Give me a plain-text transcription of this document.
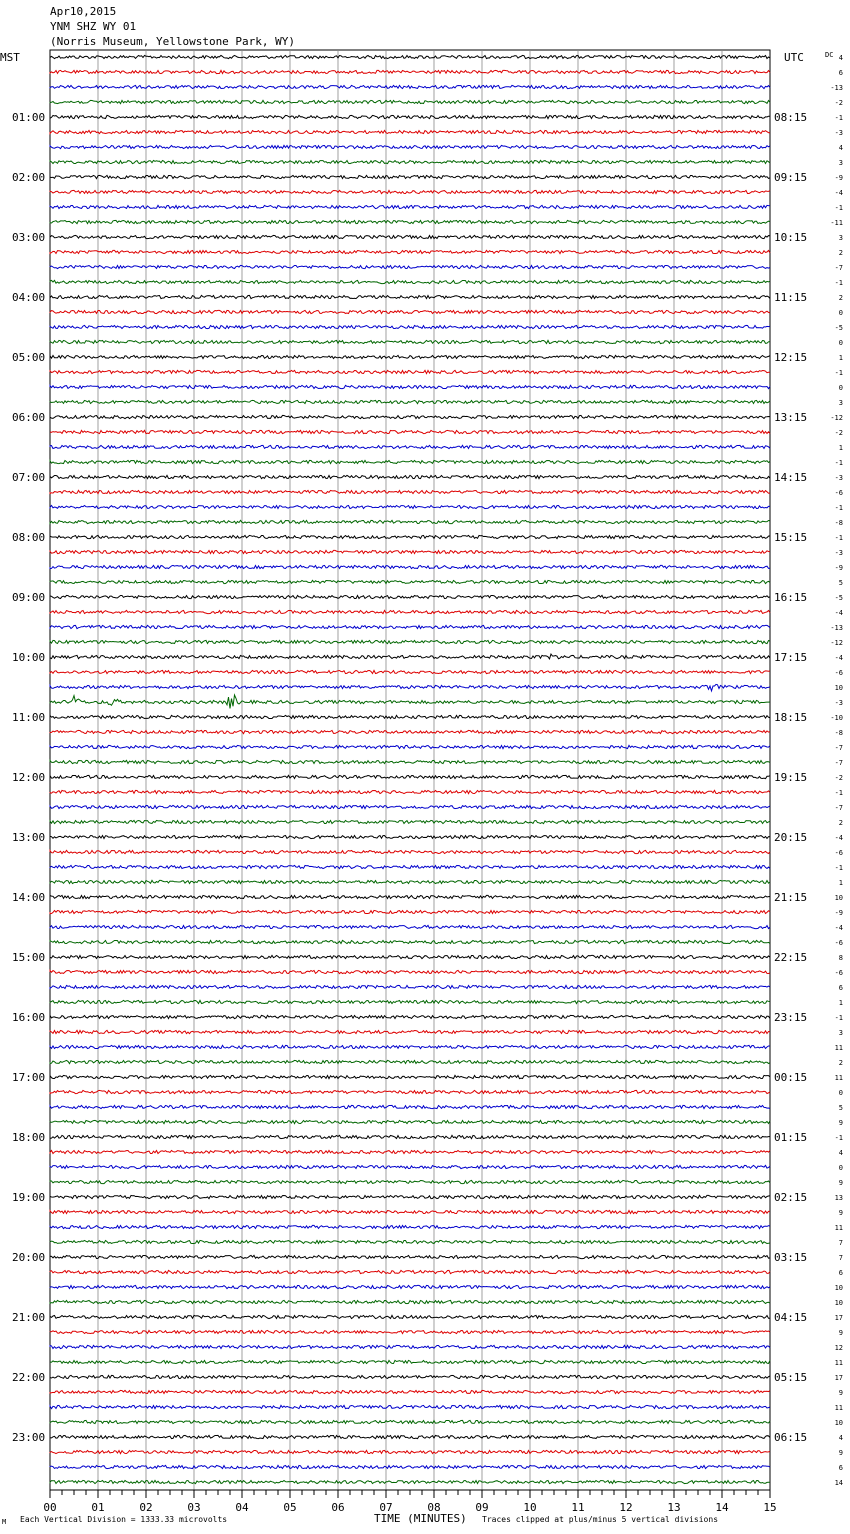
Apr10,2015
YNM SHZ WY 01
(Norris Museum, Yellowstone Park, WY)
01:00
02:00
03:00
04:00
05:00
06:00
07:00
08:00
09:00
10:00
11:00
12:00
13:00
14:00
15:00
16:00
17:00
18:00
19:00
20:00
21:00
22:00
23:00
08:15
09:15
10:15
11:15
12:15
13:15
14:15
15:15
16:15
17:15
18:15
19:15
20:15
21:15
22:15
23:15
00:15
01:15
02:15
03:15
04:15
05:15
06:15
4
6
-13
-2
-1
-3
4
3
-9
-4
-1
-11
3
2
-7
-1
2
0
-5
0
1
-1
0
3
-12
-2
1
-1
-3
-6
-1
-8
-1
-3
-9
5
-5
-4
-13
-12
-4
-6
10
-3
-10
-8
-7
-7
-2
-1
-7
2
-4
-6
-1
1
10
-9
-4
-6
8
-6
6
1
-1
3
11
2
11
0
5
9
-1
4
0
9
13
9
11
7
7
6
10
10
17
9
12
11
17
9
11
10
4
9
6
14
00	01	02	03	04	05	06	07	08	09	10	11	12	13	14	15
MST	UTC	DC
Each Vertical Division = 1333.33 microvolts	TIME (MINUTES) Traces clipped at plus/minus 5 vertical divisions
M
